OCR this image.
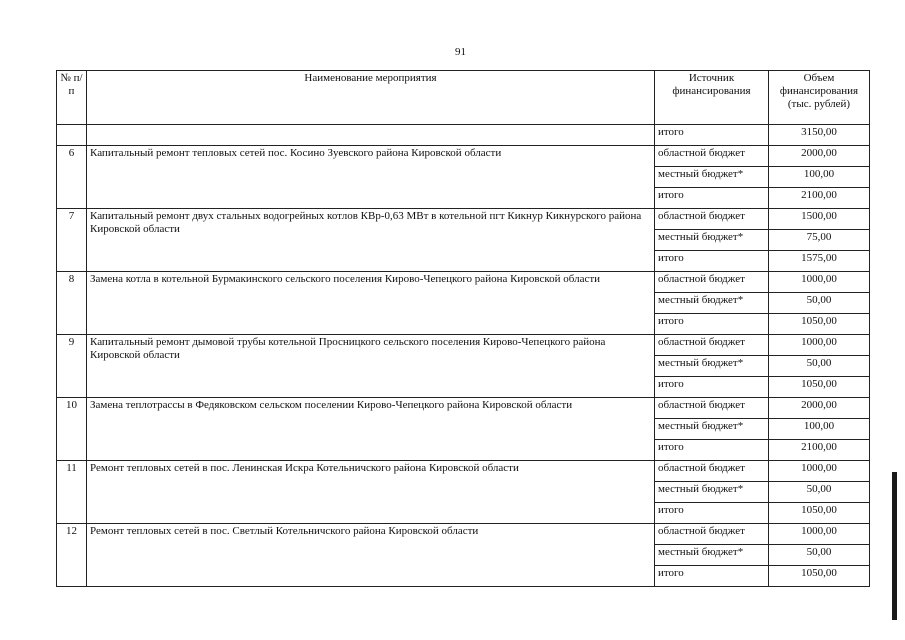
91
№ п/п	Наименование мероприятия	Источник финансирования	Объем финансирования (тыс. рублей)
		итого	3150,00
6	Капитальный ремонт тепловых сетей пос. Косино Зуевского района Кировской области	областной бюджет	2000,00
		местный бюджет*	100,00
		итого	2100,00
7	Капитальный ремонт двух стальных водогрейных котлов КВр-0,63 МВт в котельной пгт Кикнур Кикнурского района Кировской области	областной бюджет	1500,00
		местный бюджет*	75,00
		итого	1575,00
8	Замена котла в котельной Бурмакинского сельского поселения Кирово-Чепецкого района Кировской области	областной бюджет	1000,00
		местный бюджет*	50,00
		итого	1050,00
9	Капитальный ремонт дымовой трубы котельной Просницкого сельского поселения Кирово-Чепецкого района Кировской области	областной бюджет	1000,00
		местный бюджет*	50,00
		итого	1050,00
10	Замена теплотрассы в Федяковском сельском поселении Кирово-Чепецкого района Кировской области	областной бюджет	2000,00
		местный бюджет*	100,00
		итого	2100,00
11	Ремонт тепловых сетей в пос. Ленинская Искра Котельничского района Кировской области	областной бюджет	1000,00
		местный бюджет*	50,00
		итого	1050,00
12	Ремонт тепловых сетей в пос. Светлый Котельничского района Кировской области	областной бюджет	1000,00
		местный бюджет*	50,00
		итого	1050,00
